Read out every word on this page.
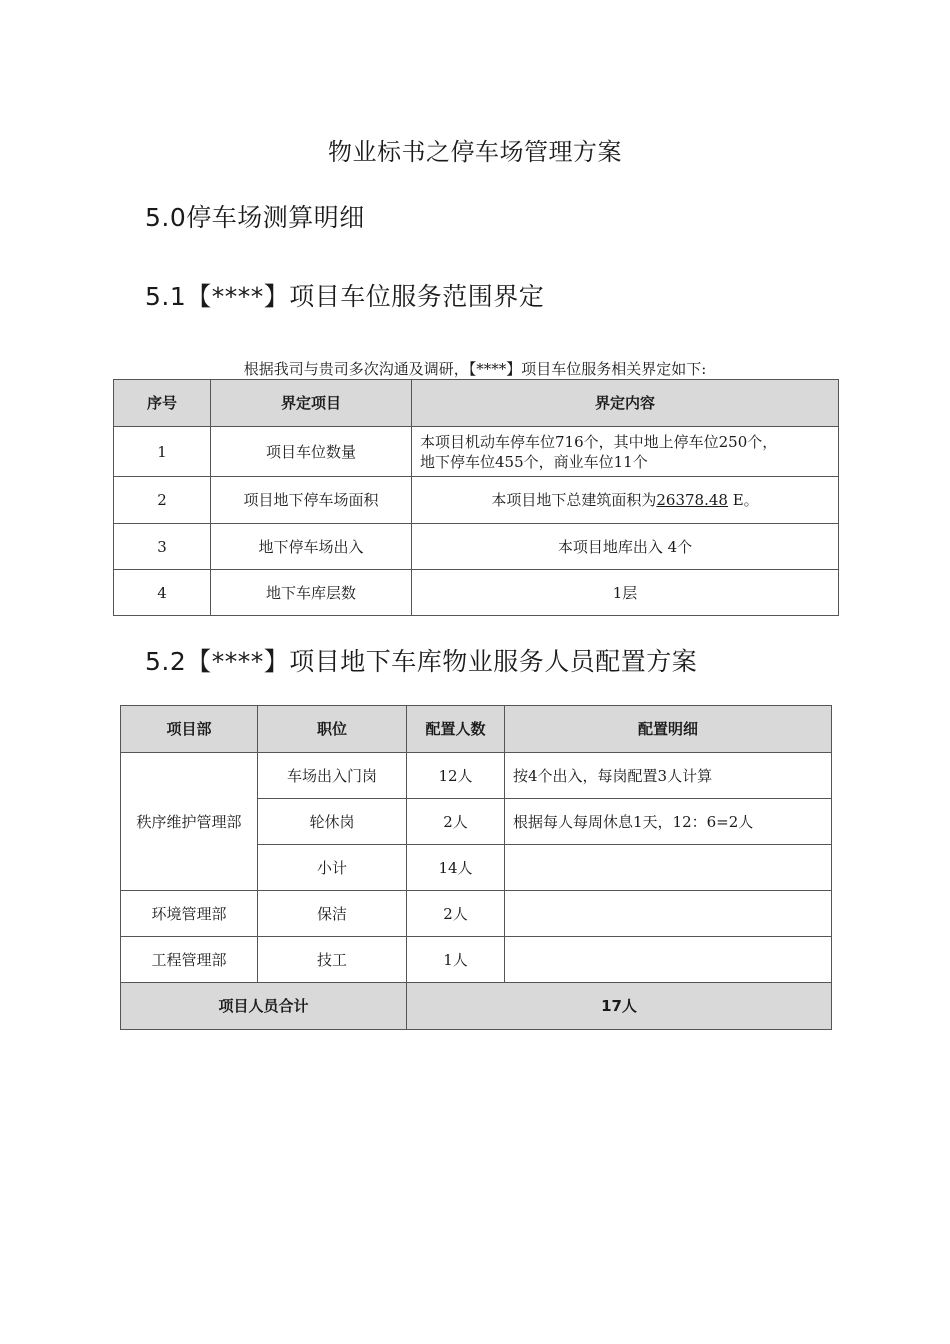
物业标书之停车场管理方案
5.0停车场测算明细
5.1【****】项目车位服务范围界定
根据我司与贵司多次沟通及调研，【****】项目车位服务相关界定如下:
序号	界定项目	界定内容
1	项目车位数量	本项目机动车停车位716个，其中地上停车位250个，
地下停车位455个，商业车位11个

2	项目地下停车场面积	本项目地下总建筑面积为26378.48 E。
3	地下停车场出入	本项目地库出入 4个
4	地下车库层数	1层
5.2【****】项目地下车库物业服务人员配置方案
项目部	职位	配置人数	配置明细
秩序维护管理部	车场出入门岗	12人	按4个出入，每岗配置3人计算
	轮休岗	2人	根据每人每周休息1天，12：6=2人
	小计	14人	
环境管理部	保洁	2人	
工程管理部	技工	1人	
项目人员合计		17人	
